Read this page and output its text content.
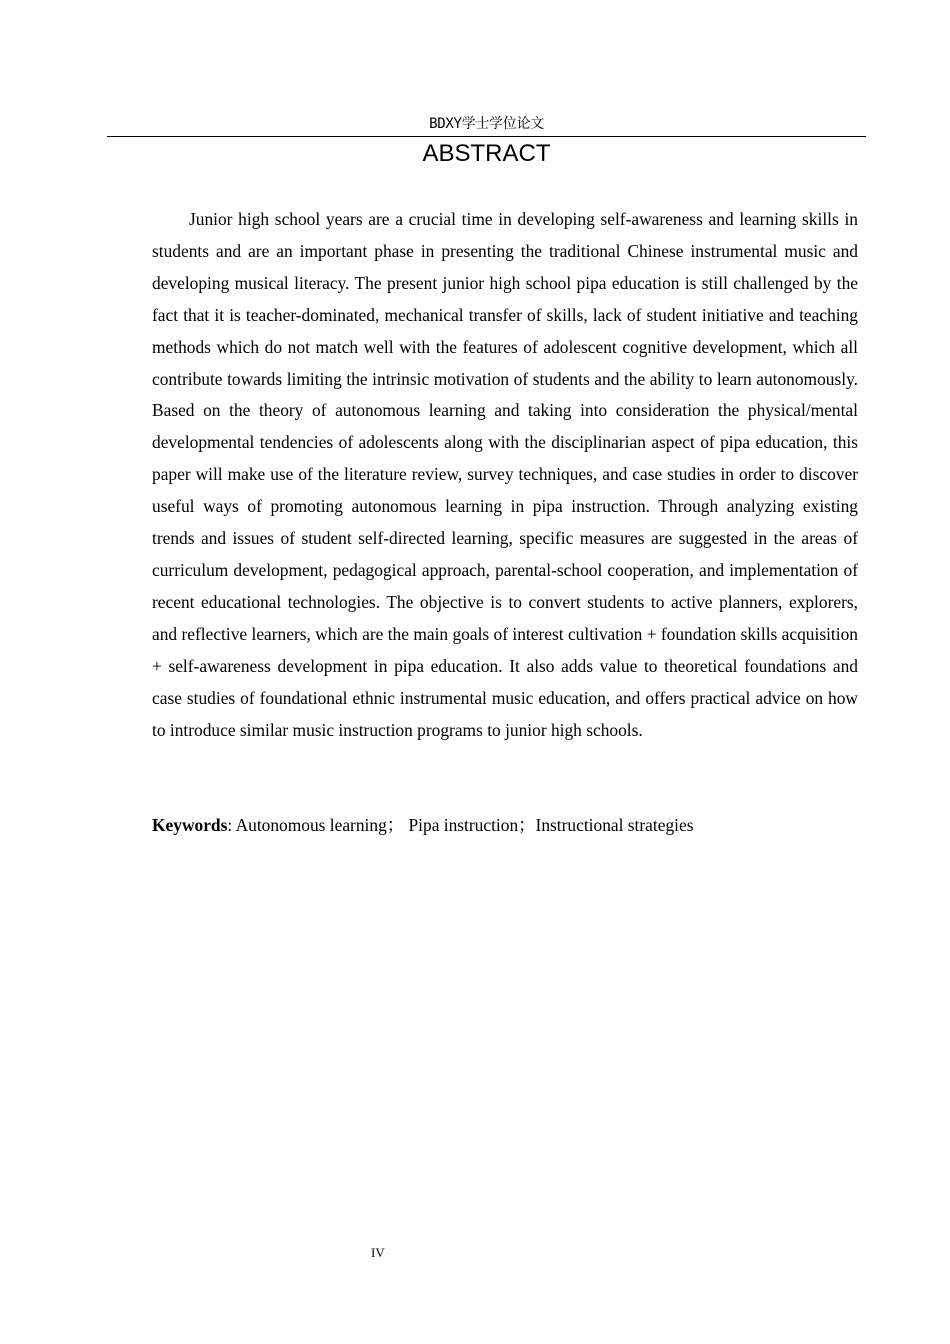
BDXY学士学位论文
ABSTRACT

Junior high school years are a crucial time in developing self-awareness and learning skills in students and are an important phase in presenting the traditional Chinese instrumental music and developing musical literacy. The present junior high school pipa education is still challenged by the fact that it is teacher-dominated, mechanical transfer of skills, lack of student initiative and teaching methods which do not match well with the features of adolescent cognitive development, which all contribute towards limiting the intrinsic motivation of students and the ability to learn autonomously. Based on the theory of autonomous learning and taking into consideration the physical/mental developmental tendencies of adolescents along with the disciplinarian aspect of pipa education, this paper will make use of the literature review, survey techniques, and case studies in order to discover useful ways of promoting autonomous learning in pipa instruction. Through analyzing existing trends and issues of student self-directed learning, specific measures are suggested in the areas of curriculum development, pedagogical approach, parental-school cooperation, and implementation of recent educational technologies. The objective is to convert students to active planners, explorers, and reflective learners, which are the main goals of interest cultivation + foundation skills acquisition + self-awareness development in pipa education. It also adds value to theoretical foundations and case studies of foundational ethnic instrumental music education, and offers practical advice on how to introduce similar music instruction programs to junior high schools.

Keywords: Autonomous learning； Pipa instruction；Instructional strategies

IV
